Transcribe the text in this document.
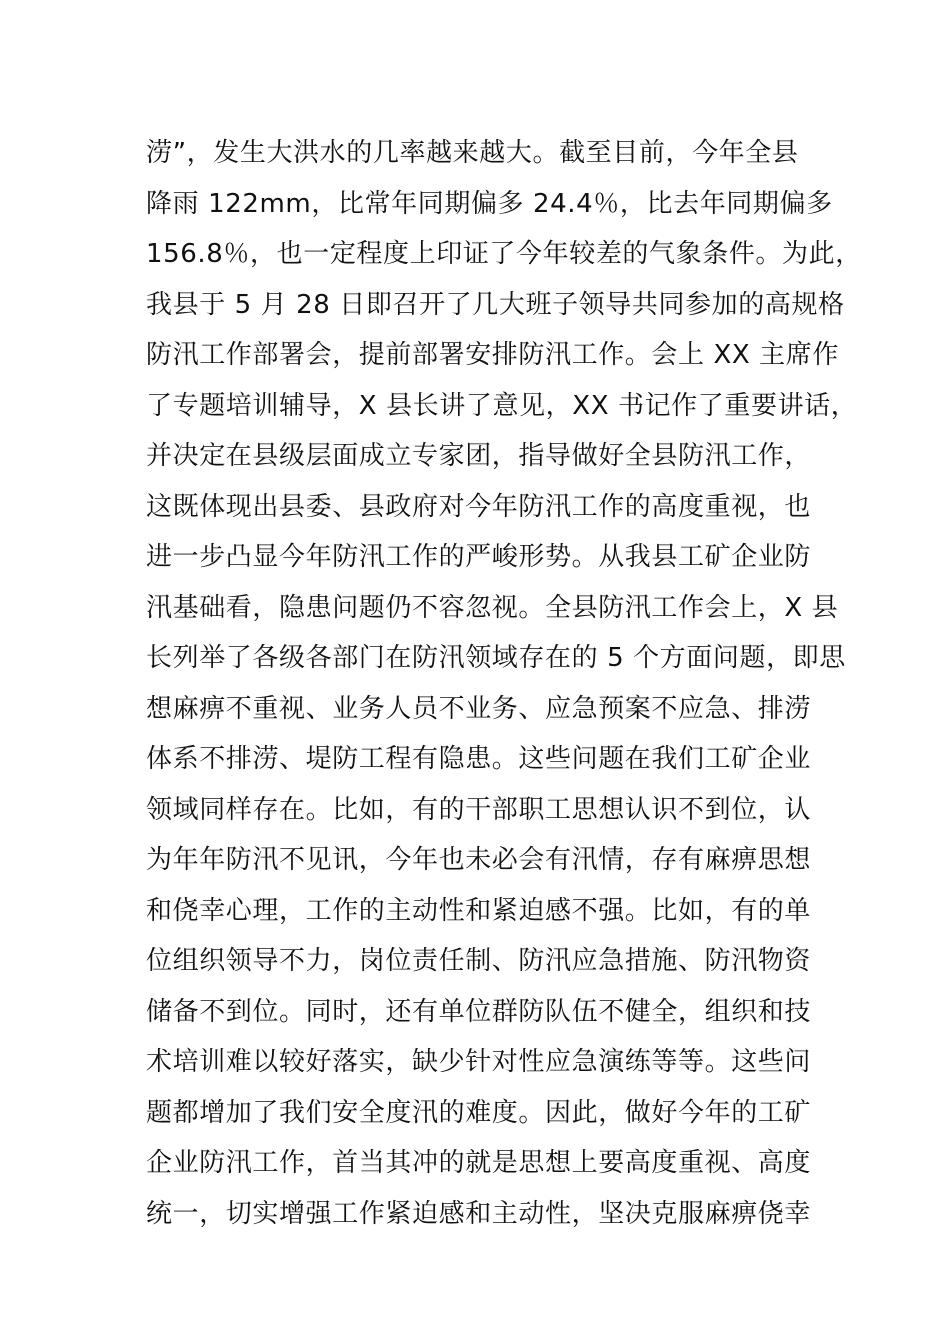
涝”，发生大洪水的几率越来越大。截至目前，今年全县
降雨 122mm，比常年同期偏多 24.4％，比去年同期偏多
156.8％，也一定程度上印证了今年较差的气象条件。为此，
我县于 5 月 28 日即召开了几大班子领导共同参加的高规格
防汛工作部署会，提前部署安排防汛工作。会上 XX 主席作
了专题培训辅导，X 县长讲了意见，XX 书记作了重要讲话，
并决定在县级层面成立专家团，指导做好全县防汛工作，
这既体现出县委、县政府对今年防汛工作的高度重视，也
进一步凸显今年防汛工作的严峻形势。从我县工矿企业防
汛基础看，隐患问题仍不容忽视。全县防汛工作会上，X 县
长列举了各级各部门在防汛领域存在的 5 个方面问题，即思
想麻痹不重视、业务人员不业务、应急预案不应急、排涝
体系不排涝、堤防工程有隐患。这些问题在我们工矿企业
领域同样存在。比如，有的干部职工思想认识不到位，认
为年年防汛不见讯，今年也未必会有汛情，存有麻痹思想
和侥幸心理，工作的主动性和紧迫感不强。比如，有的单
位组织领导不力，岗位责任制、防汛应急措施、防汛物资
储备不到位。同时，还有单位群防队伍不健全，组织和技
术培训难以较好落实，缺少针对性应急演练等等。这些问
题都增加了我们安全度汛的难度。因此，做好今年的工矿
企业防汛工作，首当其冲的就是思想上要高度重视、高度
统一，切实增强工作紧迫感和主动性，坚决克服麻痹侥幸
